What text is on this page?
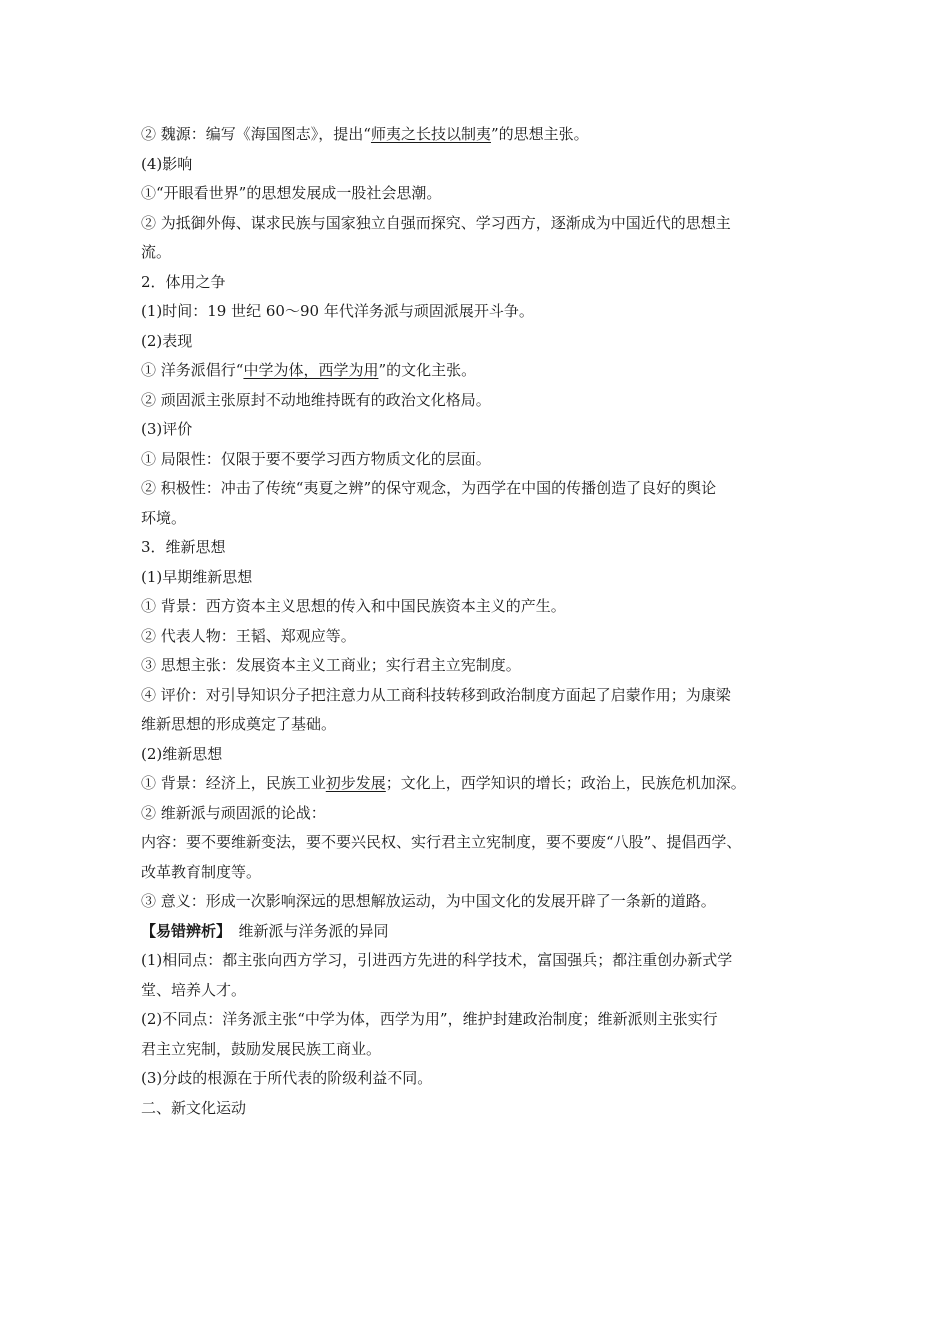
② 魏源：编写《海国图志》，提出“师夷之长技以制夷”的思想主张。
(4)影响
①“开眼看世界”的思想发展成一股社会思潮。
② 为抵御外侮、谋求民族与国家独立自强而探究、学习西方，逐渐成为中国近代的思想主
流。
2．体用之争
(1)时间：19 世纪 60～90 年代洋务派与顽固派展开斗争。
(2)表现
① 洋务派倡行“中学为体，西学为用”的文化主张。
② 顽固派主张原封不动地维持既有的政治文化格局。
(3)评价
① 局限性：仅限于要不要学习西方物质文化的层面。
② 积极性：冲击了传统“夷夏之辨”的保守观念，为西学在中国的传播创造了良好的舆论
环境。
3．维新思想
(1)早期维新思想
① 背景：西方资本主义思想的传入和中国民族资本主义的产生。
② 代表人物：王韬、郑观应等。
③ 思想主张：发展资本主义工商业；实行君主立宪制度。
④ 评价：对引导知识分子把注意力从工商科技转移到政治制度方面起了启蒙作用；为康梁
维新思想的形成奠定了基础。
(2)维新思想
① 背景：经济上，民族工业初步发展；文化上，西学知识的增长；政治上，民族危机加深。
② 维新派与顽固派的论战：
内容：要不要维新变法，要不要兴民权、实行君主立宪制度，要不要废“八股”、提倡西学、
改革教育制度等。
③ 意义：形成一次影响深远的思想解放运动，为中国文化的发展开辟了一条新的道路。
【易错辨析】　维新派与洋务派的异同
(1)相同点：都主张向西方学习，引进西方先进的科学技术，富国强兵；都注重创办新式学
堂、培养人才。
(2)不同点：洋务派主张“中学为体，西学为用”，维护封建政治制度；维新派则主张实行
君主立宪制，鼓励发展民族工商业。
(3)分歧的根源在于所代表的阶级利益不同。
二、新文化运动
